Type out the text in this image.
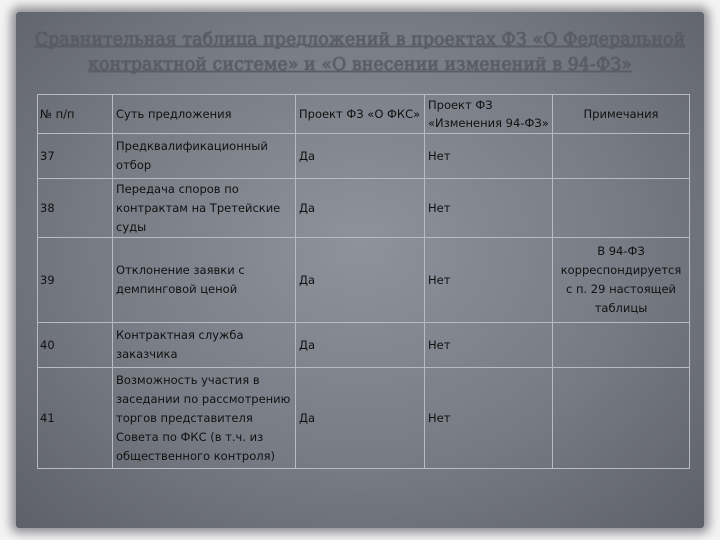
Сравнительная таблица предложений в проектах ФЗ «О Федеральной
контрактной системе» и «О внесении изменений в 94-ФЗ»
№ п/п	Суть предложения	Проект ФЗ «О ФКС»	Проект ФЗ «Изменения 94-ФЗ»	Примечания
37	Предквалификационный отбор	Да	Нет	
38	Передача споров по контрактам на Третейские суды	Да	Нет	
39	Отклонение заявки с демпинговой ценой	Да	Нет	В 94-ФЗ корреспондируется с п. 29 настоящей таблицы
40	Контрактная служба заказчика	Да	Нет	
41	Возможность участия в заседании по рассмотрению торгов представителя Совета по ФКС (в т.ч. из общественного контроля)	Да	Нет	
